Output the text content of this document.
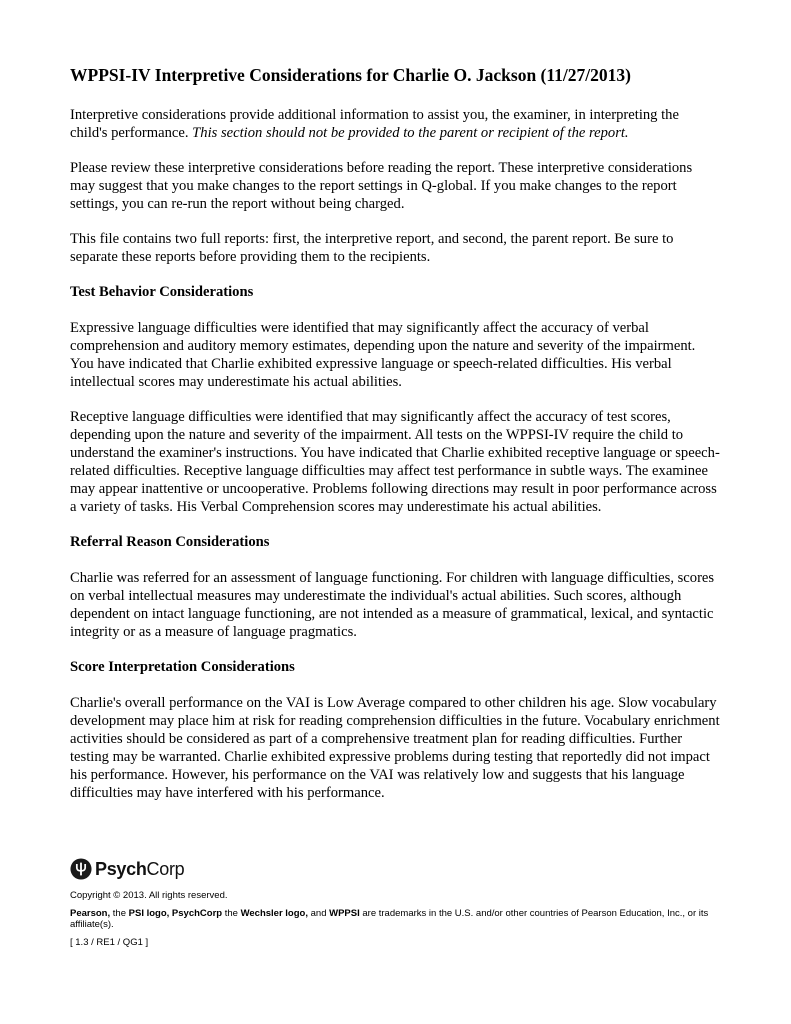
WPPSI-IV Interpretive Considerations for Charlie O. Jackson (11/27/2013)

Interpretive considerations provide additional information to assist you, the examiner, in interpreting the child's performance. This section should not be provided to the parent or recipient of the report.

Please review these interpretive considerations before reading the report. These interpretive considerations may suggest that you make changes to the report settings in Q-global. If you make changes to the report settings, you can re-run the report without being charged.

This file contains two full reports: first, the interpretive report, and second, the parent report. Be sure to separate these reports before providing them to the recipients.

Test Behavior Considerations

Expressive language difficulties were identified that may significantly affect the accuracy of verbal comprehension and auditory memory estimates, depending upon the nature and severity of the impairment. You have indicated that Charlie exhibited expressive language or speech-related difficulties. His verbal intellectual scores may underestimate his actual abilities.

Receptive language difficulties were identified that may significantly affect the accuracy of test scores, depending upon the nature and severity of the impairment. All tests on the WPPSI-IV require the child to understand the examiner's instructions. You have indicated that Charlie exhibited receptive language or speech-related difficulties. Receptive language difficulties may affect test performance in subtle ways. The examinee may appear inattentive or uncooperative. Problems following directions may result in poor performance across a variety of tasks. His Verbal Comprehension scores may underestimate his actual abilities.

Referral Reason Considerations

Charlie was referred for an assessment of language functioning. For children with language difficulties, scores on verbal intellectual measures may underestimate the individual's actual abilities. Such scores, although dependent on intact language functioning, are not intended as a measure of grammatical, lexical, and syntactic integrity or as a measure of language pragmatics.

Score Interpretation Considerations

Charlie's overall performance on the VAI is Low Average compared to other children his age. Slow vocabulary development may place him at risk for reading comprehension difficulties in the future. Vocabulary enrichment activities should be considered as part of a comprehensive treatment plan for reading difficulties. Further testing may be warranted. Charlie exhibited expressive problems during testing that reportedly did not impact his performance. However, his performance on the VAI was relatively low and suggests that his language difficulties may have interfered with his performance.

PsychCorp

Copyright © 2013. All rights reserved.

Pearson, the PSI logo, PsychCorp the Wechsler logo, and WPPSI are trademarks in the U.S. and/or other countries of Pearson Education, Inc., or its affiliate(s).

[ 1.3 / RE1 / QG1 ]
